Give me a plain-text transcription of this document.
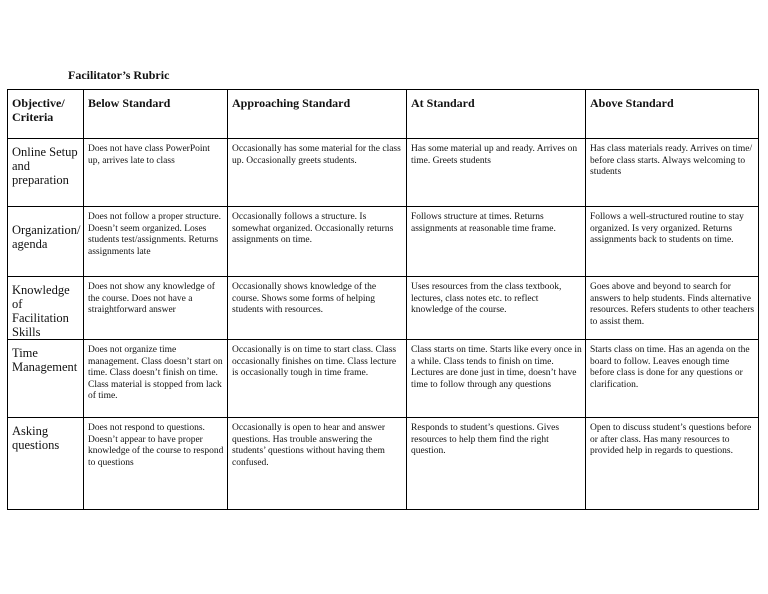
Facilitator’s Rubric
Objective/ Criteria	Below Standard	Approaching Standard	At Standard	Above Standard
Online Setup and preparation	Does not have class PowerPoint up, arrives late to class	Occasionally has some material for the class up. Occasionally greets students.	Has some material up and ready. Arrives on time. Greets students	Has class materials ready. Arrives on time/ before class starts. Always welcoming to students
Organization/ agenda	Does not follow a proper structure. Doesn’t seem organized. Loses students test/assignments. Returns assignments late	Occasionally follows a structure. Is somewhat organized. Occasionally returns assignments on time.	Follows structure at times. Returns assignments at reasonable time frame.	Follows a well-structured routine to stay organized. Is very organized. Returns assignments back to students on time.
Knowledge of Facilitation Skills	Does not show any knowledge of the course. Does not have a straightforward answer	Occasionally shows knowledge of the course. Shows some forms of helping students with resources.	Uses resources from the class textbook, lectures, class notes etc. to reflect knowledge of the course.	Goes above and beyond to search for answers to help students. Finds alternative resources. Refers students to other teachers to assist them.
Time Management	Does not organize time management. Class doesn’t start on time. Class doesn’t finish on time. Class material is stopped from lack of time.	Occasionally is on time to start class. Class occasionally finishes on time. Class lecture is occasionally tough in time frame.	Class starts on time. Starts like every once in a while. Class tends to finish on time. Lectures are done just in time, doesn’t have time to follow through any questions	Starts class on time. Has an agenda on the board to follow. Leaves enough time before class is done for any questions or clarification.
Asking questions	Does not respond to questions. Doesn’t appear to have proper knowledge of the course to respond to questions	Occasionally is open to hear and answer questions. Has trouble answering the students’ questions without having them confused.	Responds to student’s questions. Gives resources to help them find the right question.	Open to discuss student’s questions before or after class. Has many resources to provided help in regards to questions.
